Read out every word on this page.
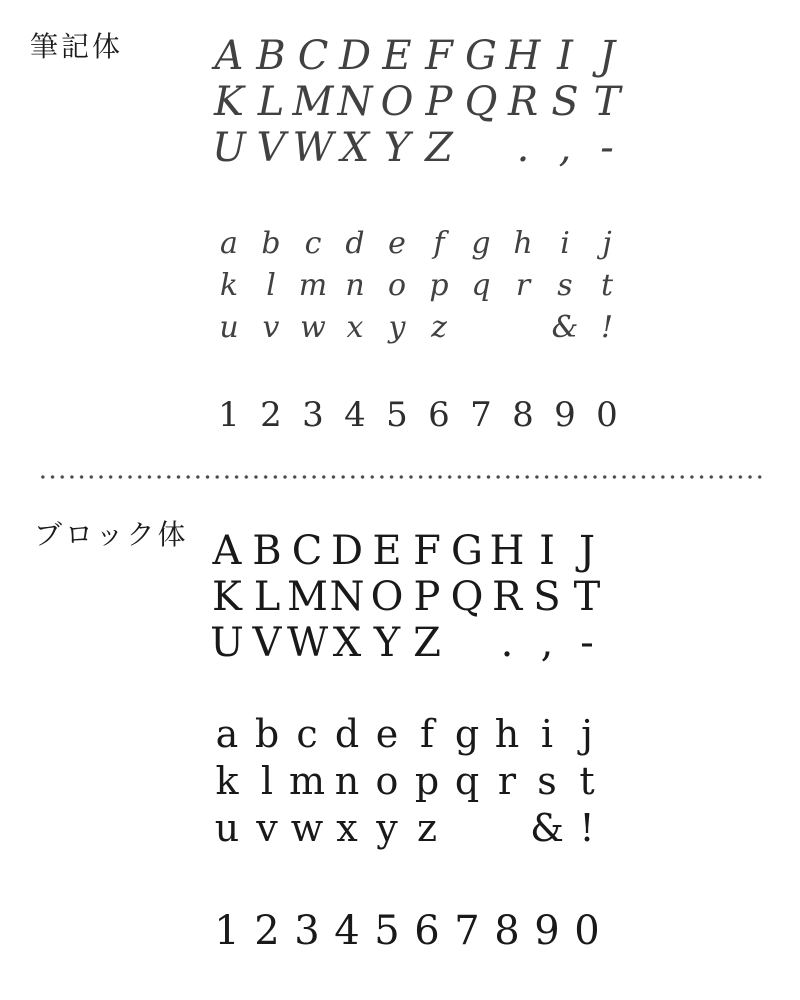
筆記体 A B C D E F G H I J
K L M N O P Q R S T
U V W X Y Z	. , -
a b c d e f g h i	j
k l m n o p q r s t
u v w x y z	& !
1 2 3 4 5 6 7 8 9 0
ブロック体 A B C D E F G H I J
K L M N O P Q R S T
U V W X Y Z	. , -
a b c d e f g h i j
k l m n o p q r s t
u v w x y z & !
1 2 3 4 5 6 7 8 9 0
